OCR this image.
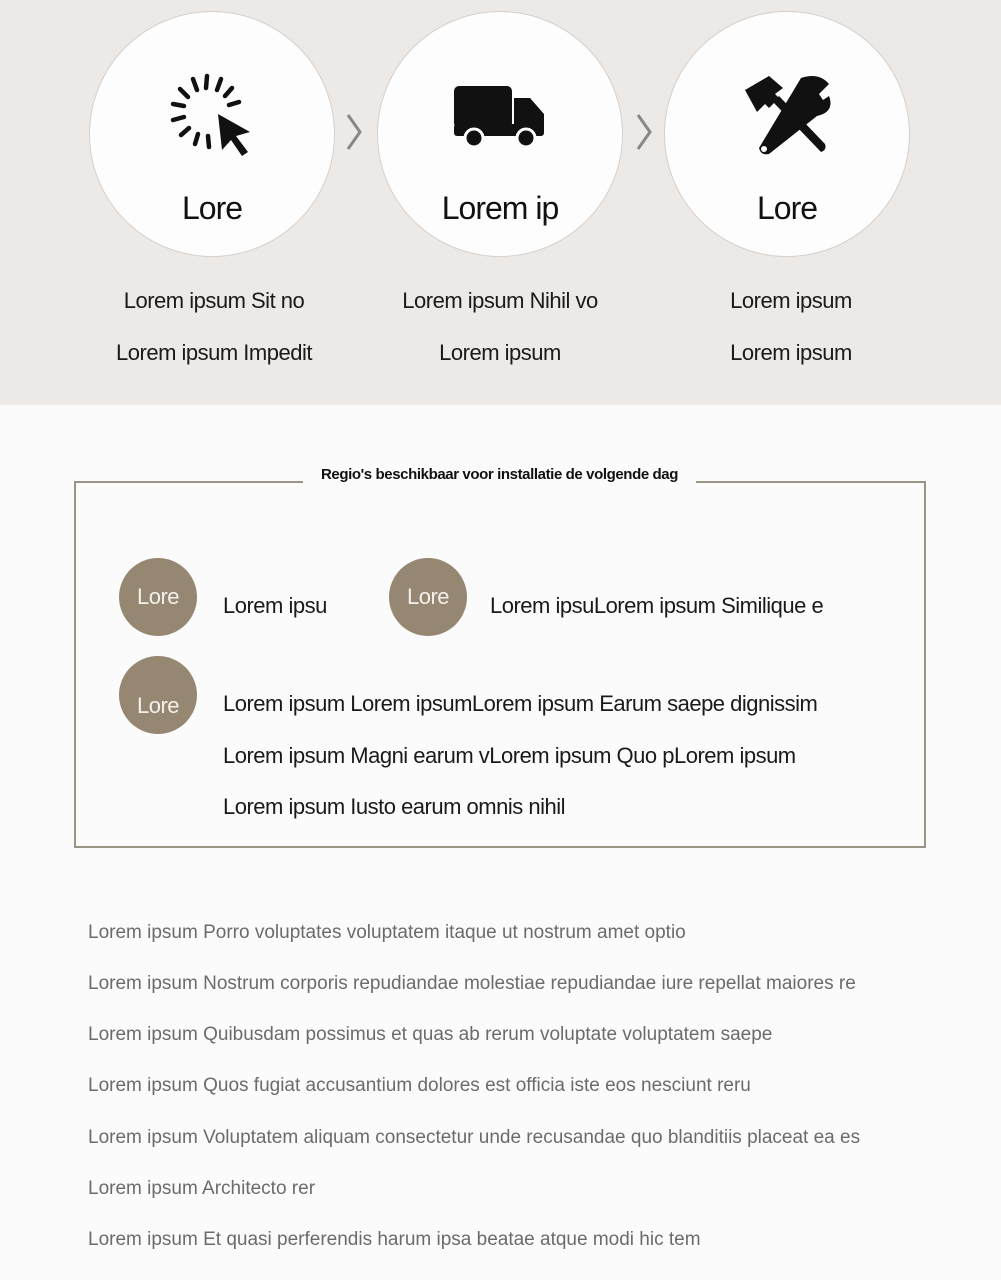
Lore
Lorem ipsum Sit no
Lorem ipsum Impedit
Lorem ip
Lorem ipsum Nihil vo
Lorem ipsum
Lore
Lorem ipsum
Lorem ipsum
Regio's beschikbaar voor installatie de volgende dag
Lore	Lorem ipsu	Lore	Lorem ipsuLorem ipsum Similique e
Lore	Lorem ipsum Lorem ipsumLorem ipsum Earum saepe dignissim
Lorem ipsum Magni earum vLorem ipsum Quo pLorem ipsum
Lorem ipsum Iusto earum omnis nihil
Lorem ipsum Porro voluptates voluptatem itaque ut nostrum amet optio
Lorem ipsum Nostrum corporis repudiandae molestiae repudiandae iure repellat maiores re
Lorem ipsum Quibusdam possimus et quas ab rerum voluptate voluptatem saepe
Lorem ipsum Quos fugiat accusantium dolores est officia iste eos nesciunt reru
Lorem ipsum Voluptatem aliquam consectetur unde recusandae quo blanditiis placeat ea es
Lorem ipsum Architecto rer
Lorem ipsum Et quasi perferendis harum ipsa beatae atque modi hic tem
